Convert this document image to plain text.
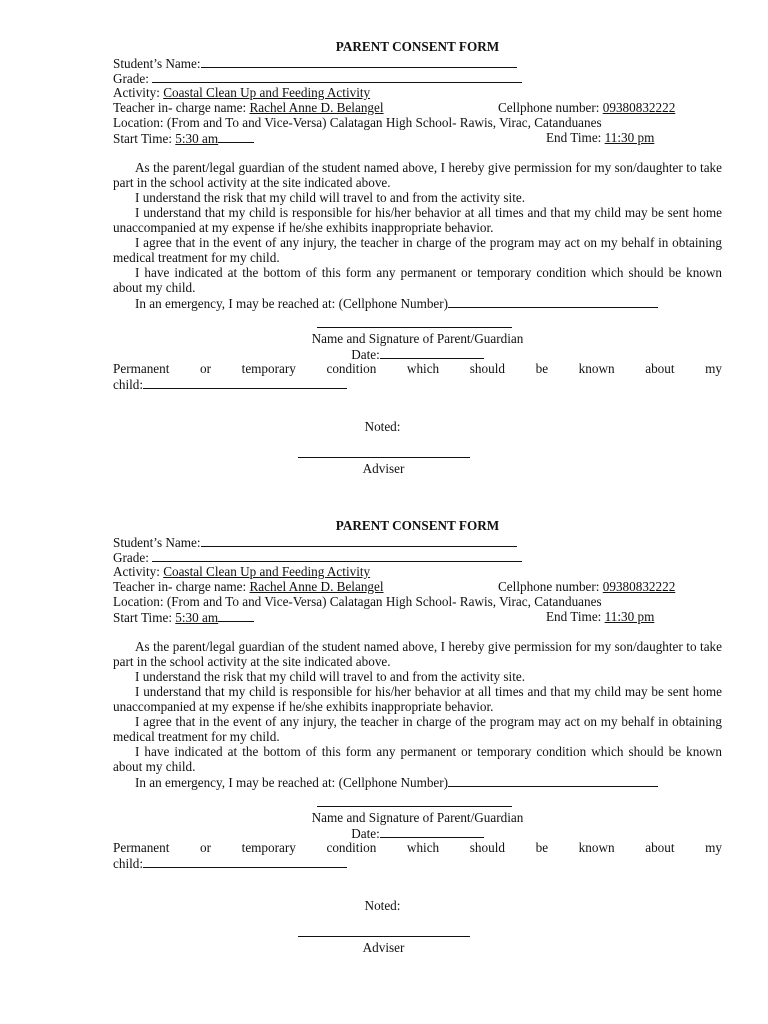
PARENT CONSENT FORM
Student’s Name:
Grade:
Activity: Coastal Clean Up and Feeding Activity
Teacher in- charge name: Rachel Anne D. Belangel	Cellphone number: 09380832222
Location: (From and To and Vice-Versa) Calatagan High School- Rawis, Virac, Catanduanes
Start Time: 5:30 am	End Time: 11:30 pm

As the parent/legal guardian of the student named above, I hereby give permission for my son/daughter to take part in the school activity at the site indicated above.

I understand the risk that my child will travel to and from the activity site.

I understand that my child is responsible for his/her behavior at all times and that my child may be sent home unaccompanied at my expense if he/she exhibits inappropriate behavior.

I agree that in the event of any injury, the teacher in charge of the program may act on my behalf in obtaining medical treatment for my child.

I have indicated at the bottom of this form any permanent or temporary condition which should be known about my child.

In an emergency, I may be reached at: (Cellphone Number)

Name and Signature of Parent/Guardian
Date:
Permanent or temporary condition which should be known about my
child:
Noted:
Adviser
PARENT CONSENT FORM
Student’s Name:
Grade:
Activity: Coastal Clean Up and Feeding Activity
Teacher in- charge name: Rachel Anne D. Belangel	Cellphone number: 09380832222
Location: (From and To and Vice-Versa) Calatagan High School- Rawis, Virac, Catanduanes
Start Time: 5:30 am	End Time: 11:30 pm

As the parent/legal guardian of the student named above, I hereby give permission for my son/daughter to take part in the school activity at the site indicated above.

I understand the risk that my child will travel to and from the activity site.

I understand that my child is responsible for his/her behavior at all times and that my child may be sent home unaccompanied at my expense if he/she exhibits inappropriate behavior.

I agree that in the event of any injury, the teacher in charge of the program may act on my behalf in obtaining medical treatment for my child.

I have indicated at the bottom of this form any permanent or temporary condition which should be known about my child.

In an emergency, I may be reached at: (Cellphone Number)

Name and Signature of Parent/Guardian
Date:
Permanent or temporary condition which should be known about my
child:
Noted:
Adviser
